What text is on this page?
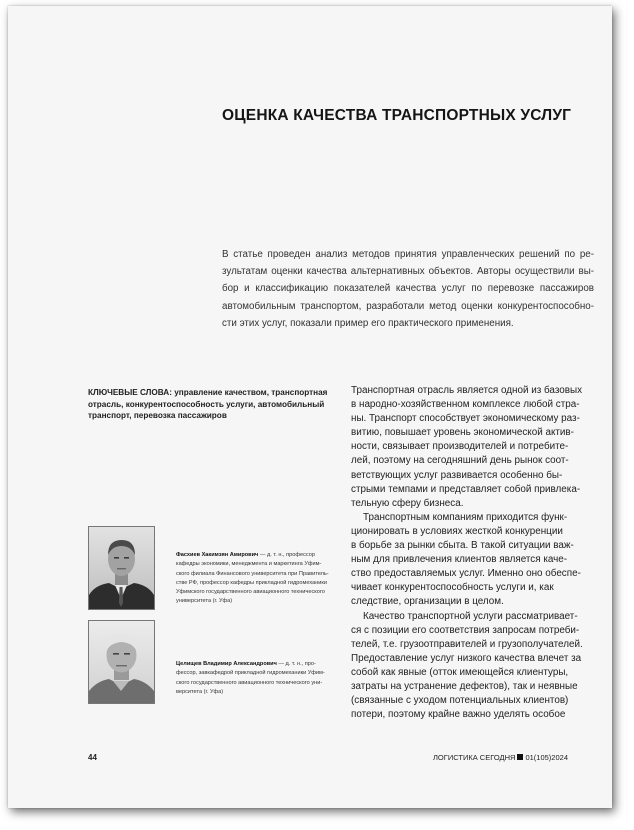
ОЦЕНКА КАЧЕСТВА ТРАНСПОРТНЫХ УСЛУГ
В статье проведен анализ методов принятия управленческих решений по ре-
зультатам оценки качества альтернативных объектов. Авторы осуществили вы-
бор и классификацию показателей качества услуг по перевозке пассажиров
автомобильным транспортом, разработали метод оценки конкурентоспособно-
сти этих услуг, показали пример его практического применения.
КЛЮЧЕВЫЕ СЛОВА: управление качеством, транспортная
отрасль, конкурентоспособность услуги, автомобильный
транспорт, перевозка пассажиров
Транспортная отрасль является одной из базовых
в народно-хозяйственном комплексе любой стра-
ны. Транспорт способствует экономическому раз-
витию, повышает уровень экономической актив-
ности, связывает производителей и потребите-
лей, поэтому на сегодняшний день рынок соот-
ветствующих услуг развивается особенно бы-
стрыми темпами и представляет собой привлека-
тельную сферу бизнеса.
Транспортным компаниям приходится функ-
ционировать в условиях жесткой конкуренции
в борьбе за рынки сбыта. В такой ситуации важ-
ным для привлечения клиентов является каче-
ство предоставляемых услуг. Именно оно обеспе-
чивает конкурентоспособность услуги и, как
следствие, организации в целом.
Качество транспортной услуги рассматривает-
ся с позиции его соответствия запросам потреби-
телей, т.е. грузоотправителей и грузополучателей.
Предоставление услуг низкого качества влечет за
собой как явные (отток имеющейся клиентуры,
затраты на устранение дефектов), так и неявные
(связанные с уходом потенциальных клиентов)
потери, поэтому крайне важно уделять особое
Фасхиев Хакимзян Амирович — д. т. н., профессор
кафедры экономики, менеджмента и маркетинга Уфим-
ского филиала Финансового университета при Правитель-
стве РФ, профессор кафедры прикладной гидромеханики
Уфимского государственного авиационного технического
университета (г. Уфа)
Целищев Владимир Александрович — д. т. н., про-
фессор, завкафедрой прикладной гидромеханики Уфим-
ского государственного авиационного технического уни-
верситета (г. Уфа)
44	ЛОГИСТИКА СЕГОДНЯ 01(105)2024
